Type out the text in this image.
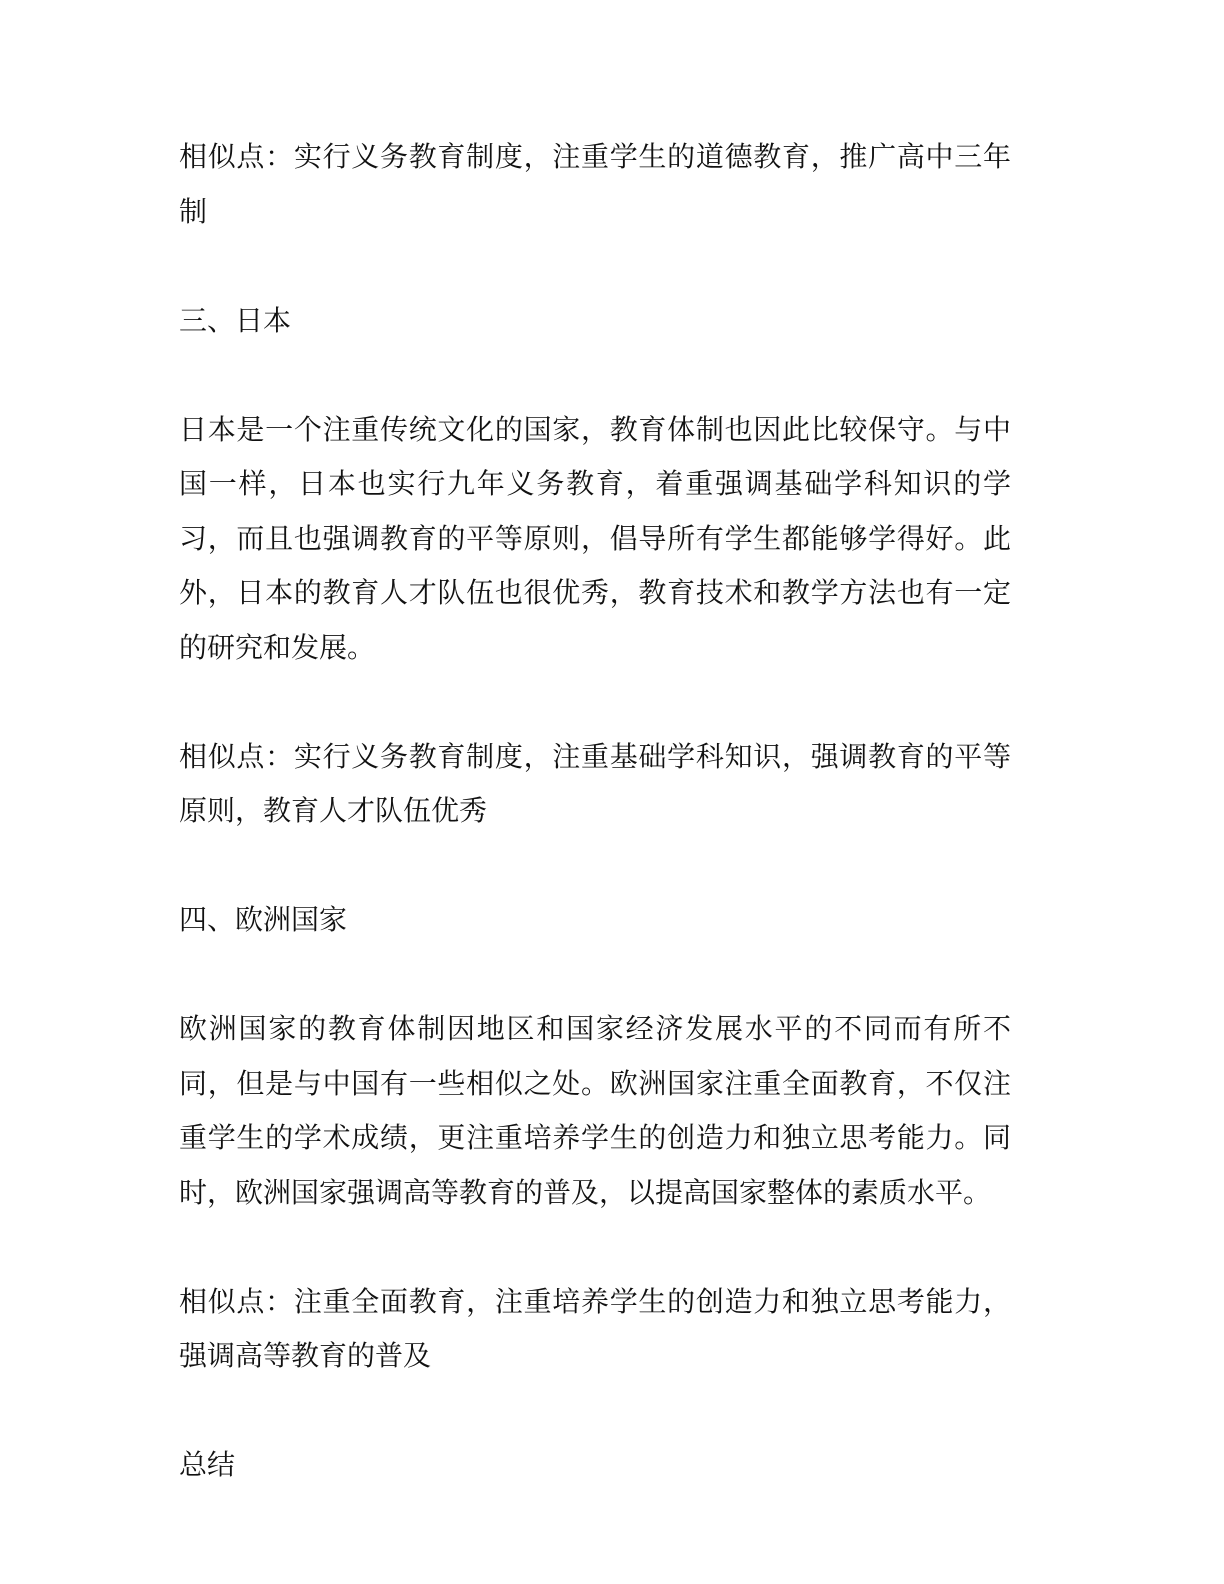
相似点：实行义务教育制度，注重学生的道德教育，推广高中三年制

三、日本

日本是一个注重传统文化的国家，教育体制也因此比较保守。与中国一样，日本也实行九年义务教育，着重强调基础学科知识的学习，而且也强调教育的平等原则，倡导所有学生都能够学得好。此外，日本的教育人才队伍也很优秀，教育技术和教学方法也有一定的研究和发展。

相似点：实行义务教育制度，注重基础学科知识，强调教育的平等原则，教育人才队伍优秀

四、欧洲国家

欧洲国家的教育体制因地区和国家经济发展水平的不同而有所不同，但是与中国有一些相似之处。欧洲国家注重全面教育，不仅注重学生的学术成绩，更注重培养学生的创造力和独立思考能力。同时，欧洲国家强调高等教育的普及，以提高国家整体的素质水平。

相似点：注重全面教育，注重培养学生的创造力和独立思考能力，强调高等教育的普及

总结
